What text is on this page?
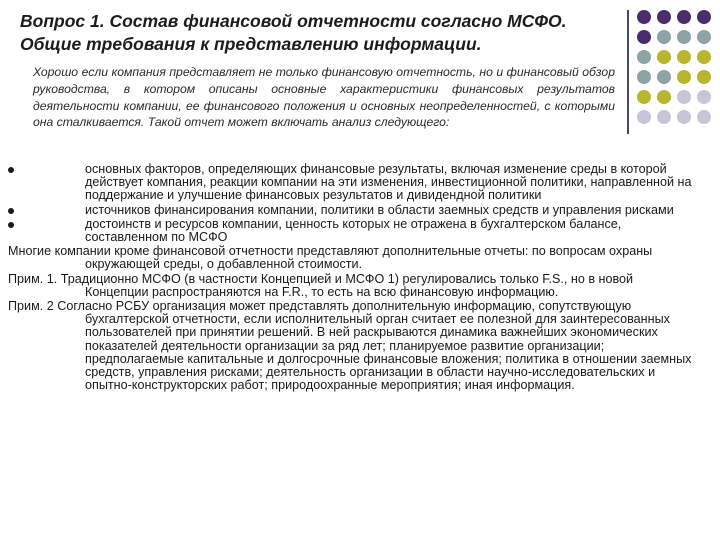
Вопрос 1. Состав финансовой отчетности согласно МСФО.
Общие требования к представлению информации.
Хорошо если компания представляет не только финансовую отчетность, но и финансовый обзор руководства, в котором описаны основные характеристики финансовых результатов деятельности компании, ее финансового положения и основных неопределенностей, с которыми она сталкивается. Такой отчет может включать анализ следующего:
основных факторов, определяющих финансовые результаты, включая изменение среды в которой действует компания, реакции компании на эти изменения, инвестиционной политики, направленной на поддержание и улучшение финансовых результатов и дивидендной политики
источников финансирования компании, политики в области заемных средств и управления рисками
достоинств и ресурсов компании, ценность которых не отражена в бухгалтерском балансе, составленном по МСФО
Многие компании кроме финансовой отчетности представляют дополнительные отчеты: по вопросам охраны окружающей среды, о добавленной стоимости.
Прим. 1. Традиционно МСФО (в частности Концепцией и МСФО 1) регулировались только F.S., но в новой Концепции распространяются на F.R., то есть на всю финансовую информацию.
Прим. 2 Согласно РСБУ организация может представлять дополнительную информацию, сопутствующую бухгалтерской отчетности, если исполнительный орган считает ее полезной для заинтересованных пользователей при принятии решений. В ней раскрываются динамика важнейших экономических показателей деятельности организации за ряд лет; планируемое развитие организации; предполагаемые капитальные и долгосрочные финансовые вложения; политика в отношении заемных средств, управления рисками; деятельность организации в области научно-исследовательских и опытно-конструкторских работ; природоохранные мероприятия; иная информация.
